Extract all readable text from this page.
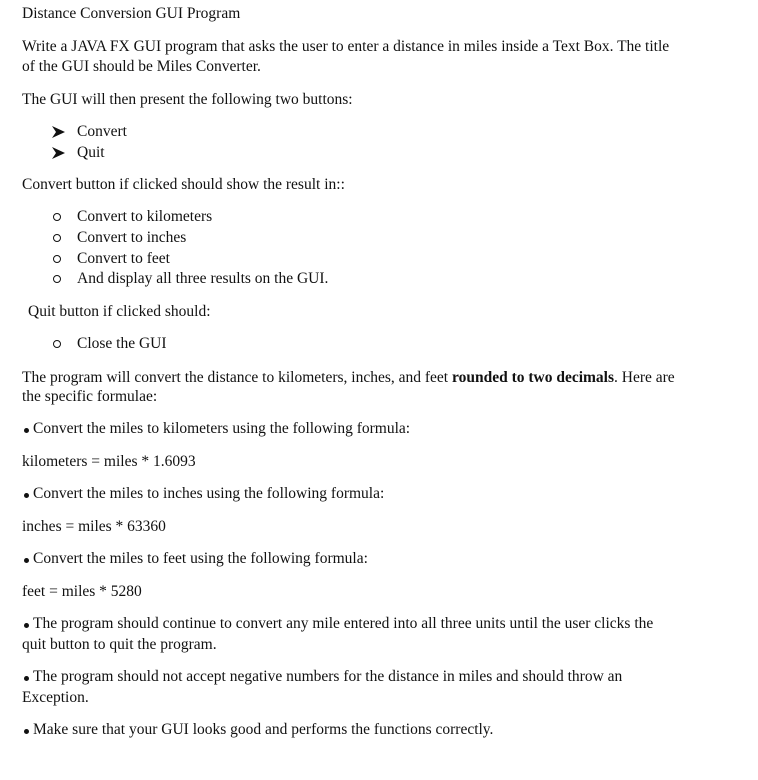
Distance Conversion GUI Program
Write a JAVA FX GUI program that asks the user to enter a distance in miles inside a Text Box. The title
of the GUI should be Miles Converter.
The GUI will then present the following two buttons:
Convert
Quit
Convert button if clicked should show the result in::
Convert to kilometers
Convert to inches
Convert to feet
And display all three results on the GUI.
Quit button if clicked should:
Close the GUI
The program will convert the distance to kilometers, inches, and feet rounded to two decimals. Here are
the specific formulae:
Convert the miles to kilometers using the following formula:
kilometers = miles * 1.6093
Convert the miles to inches using the following formula:
inches = miles * 63360
Convert the miles to feet using the following formula:
feet = miles * 5280
The program should continue to convert any mile entered into all three units until the user clicks the
quit button to quit the program.
The program should not accept negative numbers for the distance in miles and should throw an
Exception.
Make sure that your GUI looks good and performs the functions correctly.
